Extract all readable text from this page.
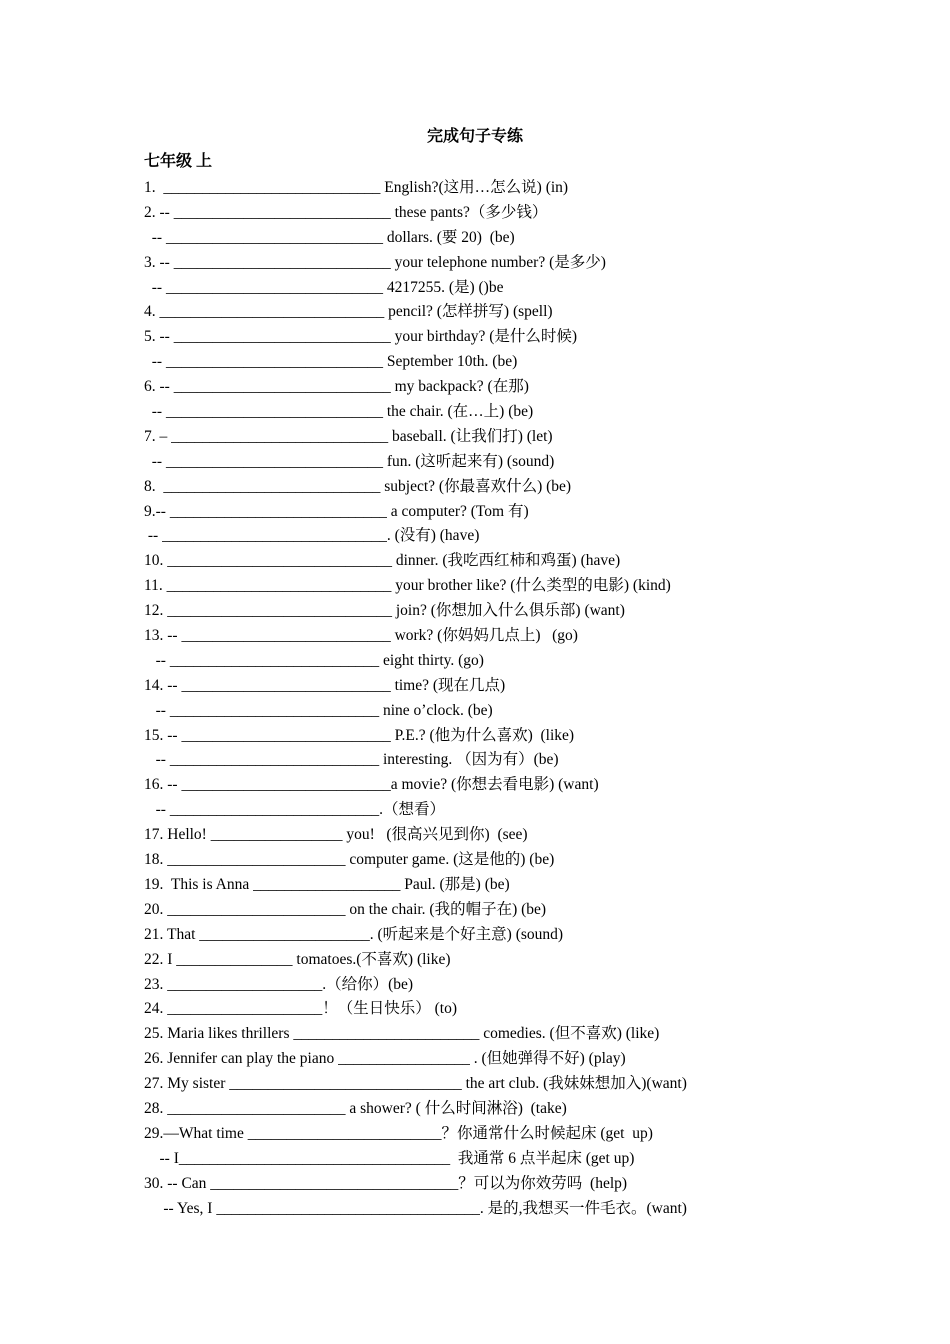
完成句子专练
七年级 上
1.  ____________________________ English?(这用…怎么说) (in)
2. -- ____________________________ these pants?（多少钱）
-- ____________________________ dollars. (要 20)  (be)
3. -- ____________________________ your telephone number? (是多少)
-- ____________________________ 4217255. (是) ()be
4. _____________________________ pencil? (怎样拼写) (spell)
5. -- ____________________________ your birthday? (是什么时候)
-- ____________________________ September 10th. (be)
6. -- ____________________________ my backpack? (在那)
-- ____________________________ the chair. (在…上) (be)
7. – ____________________________ baseball. (让我们打) (let)
-- ____________________________ fun. (这听起来有) (sound)
8.  ____________________________ subject? (你最喜欢什么) (be)
9.-- ____________________________ a computer? (Tom 有)
-- _____________________________. (没有) (have)
10. _____________________________ dinner. (我吃西红柿和鸡蛋) (have)
11. _____________________________ your brother like? (什么类型的电影) (kind)
12. _____________________________ join? (你想加入什么俱乐部) (want)
13. -- ___________________________ work? (你妈妈几点上)   (go)
-- ___________________________ eight thirty. (go)
14. -- ___________________________ time? (现在几点)
-- ___________________________ nine o’clock. (be)
15. -- ___________________________ P.E.? (他为什么喜欢)  (like)
-- ___________________________ interesting. （因为有）(be)
16. -- ___________________________a movie? (你想去看电影) (want)
-- ___________________________.（想看）
17. Hello! _________________ you!   (很高兴见到你)  (see)
18. _______________________ computer game. (这是他的) (be)
19.  This is Anna ___________________ Paul. (那是) (be)
20. _______________________ on the chair. (我的帽子在) (be)
21. That ______________________. (听起来是个好主意) (sound)
22. I _______________ tomatoes.(不喜欢) (like)
23. ____________________.（给你）(be)
24. ____________________！（生日快乐） (to)
25. Maria likes thrillers ________________________ comedies. (但不喜欢) (like)
26. Jennifer can play the piano _________________ . (但她弹得不好) (play)
27. My sister ______________________________ the art club. (我妹妹想加入)(want)
28. _______________________ a shower? ( 什么时间淋浴)  (take)
29.—What time _________________________？你通常什么时候起床 (get  up)
-- I___________________________________  我通常 6 点半起床 (get up)
30. -- Can ________________________________？可以为你效劳吗  (help)
-- Yes, I __________________________________. 是的,我想买一件毛衣。(want)
